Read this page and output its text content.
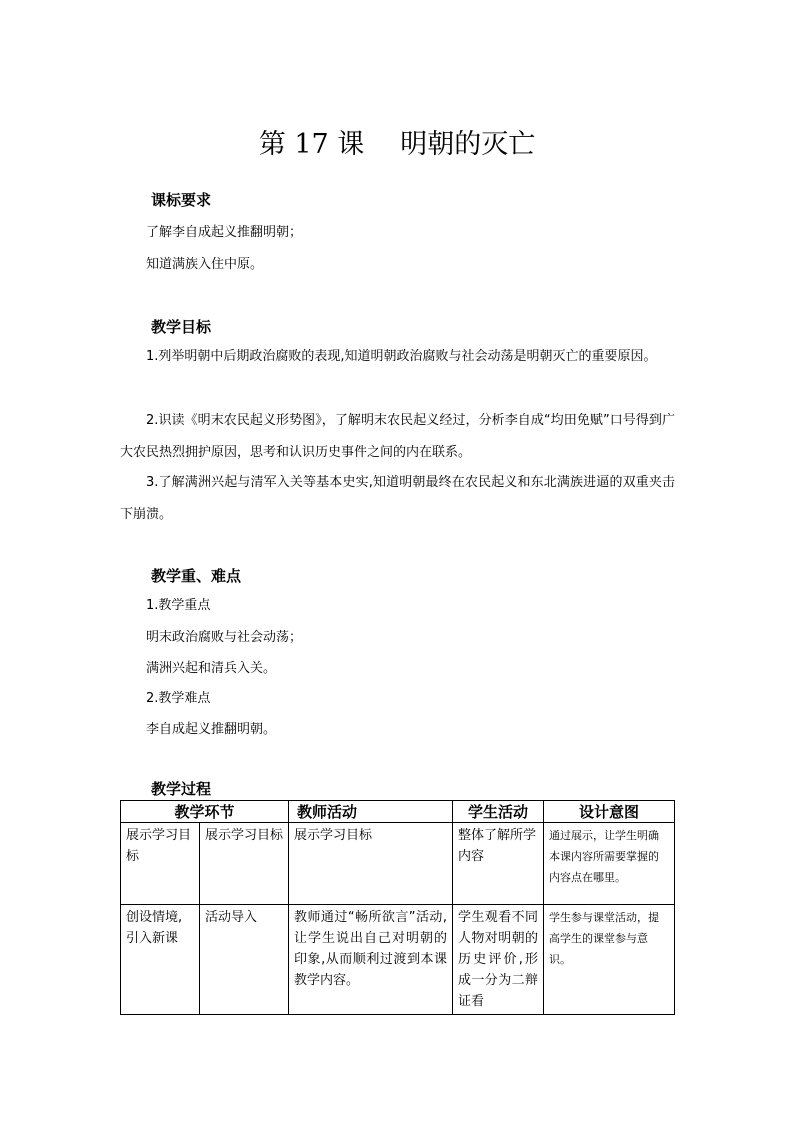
第 17 课 明朝的灭亡
课标要求
了解李自成起义推翻明朝；
知道满族入住中原。
教学目标
1.列举明朝中后期政治腐败的表现,知道明朝政治腐败与社会动荡是明朝灭亡的重要原因。
2.识读《明末农民起义形势图》，了解明末农民起义经过，分析李自成“均田免赋”口号得到广大农民热烈拥护原因，思考和认识历史事件之间的内在联系。
3.了解满洲兴起与清军入关等基本史实,知道明朝最终在农民起义和东北满族进逼的双重夹击下崩溃。
教学重、难点
1.教学重点
明末政治腐败与社会动荡；
满洲兴起和清兵入关。
2.教学难点
李自成起义推翻明朝。
教学过程
教学环节		教师活动	学生活动	设计意图
展示学习目标	展示学习目标	展示学习目标	整体了解所学内容	通过展示，让学生明确本课内容所需要掌握的内容点在哪里。
创设情境,引入新课	活动导入	教师通过“畅所欲言”活动,让学生说出自己对明朝的印象,从而顺利过渡到本课教学内容。	学生观看不同人物对明朝的历史评价,形成一分为二辩证看	学生参与课堂活动，提高学生的课堂参与意识。
